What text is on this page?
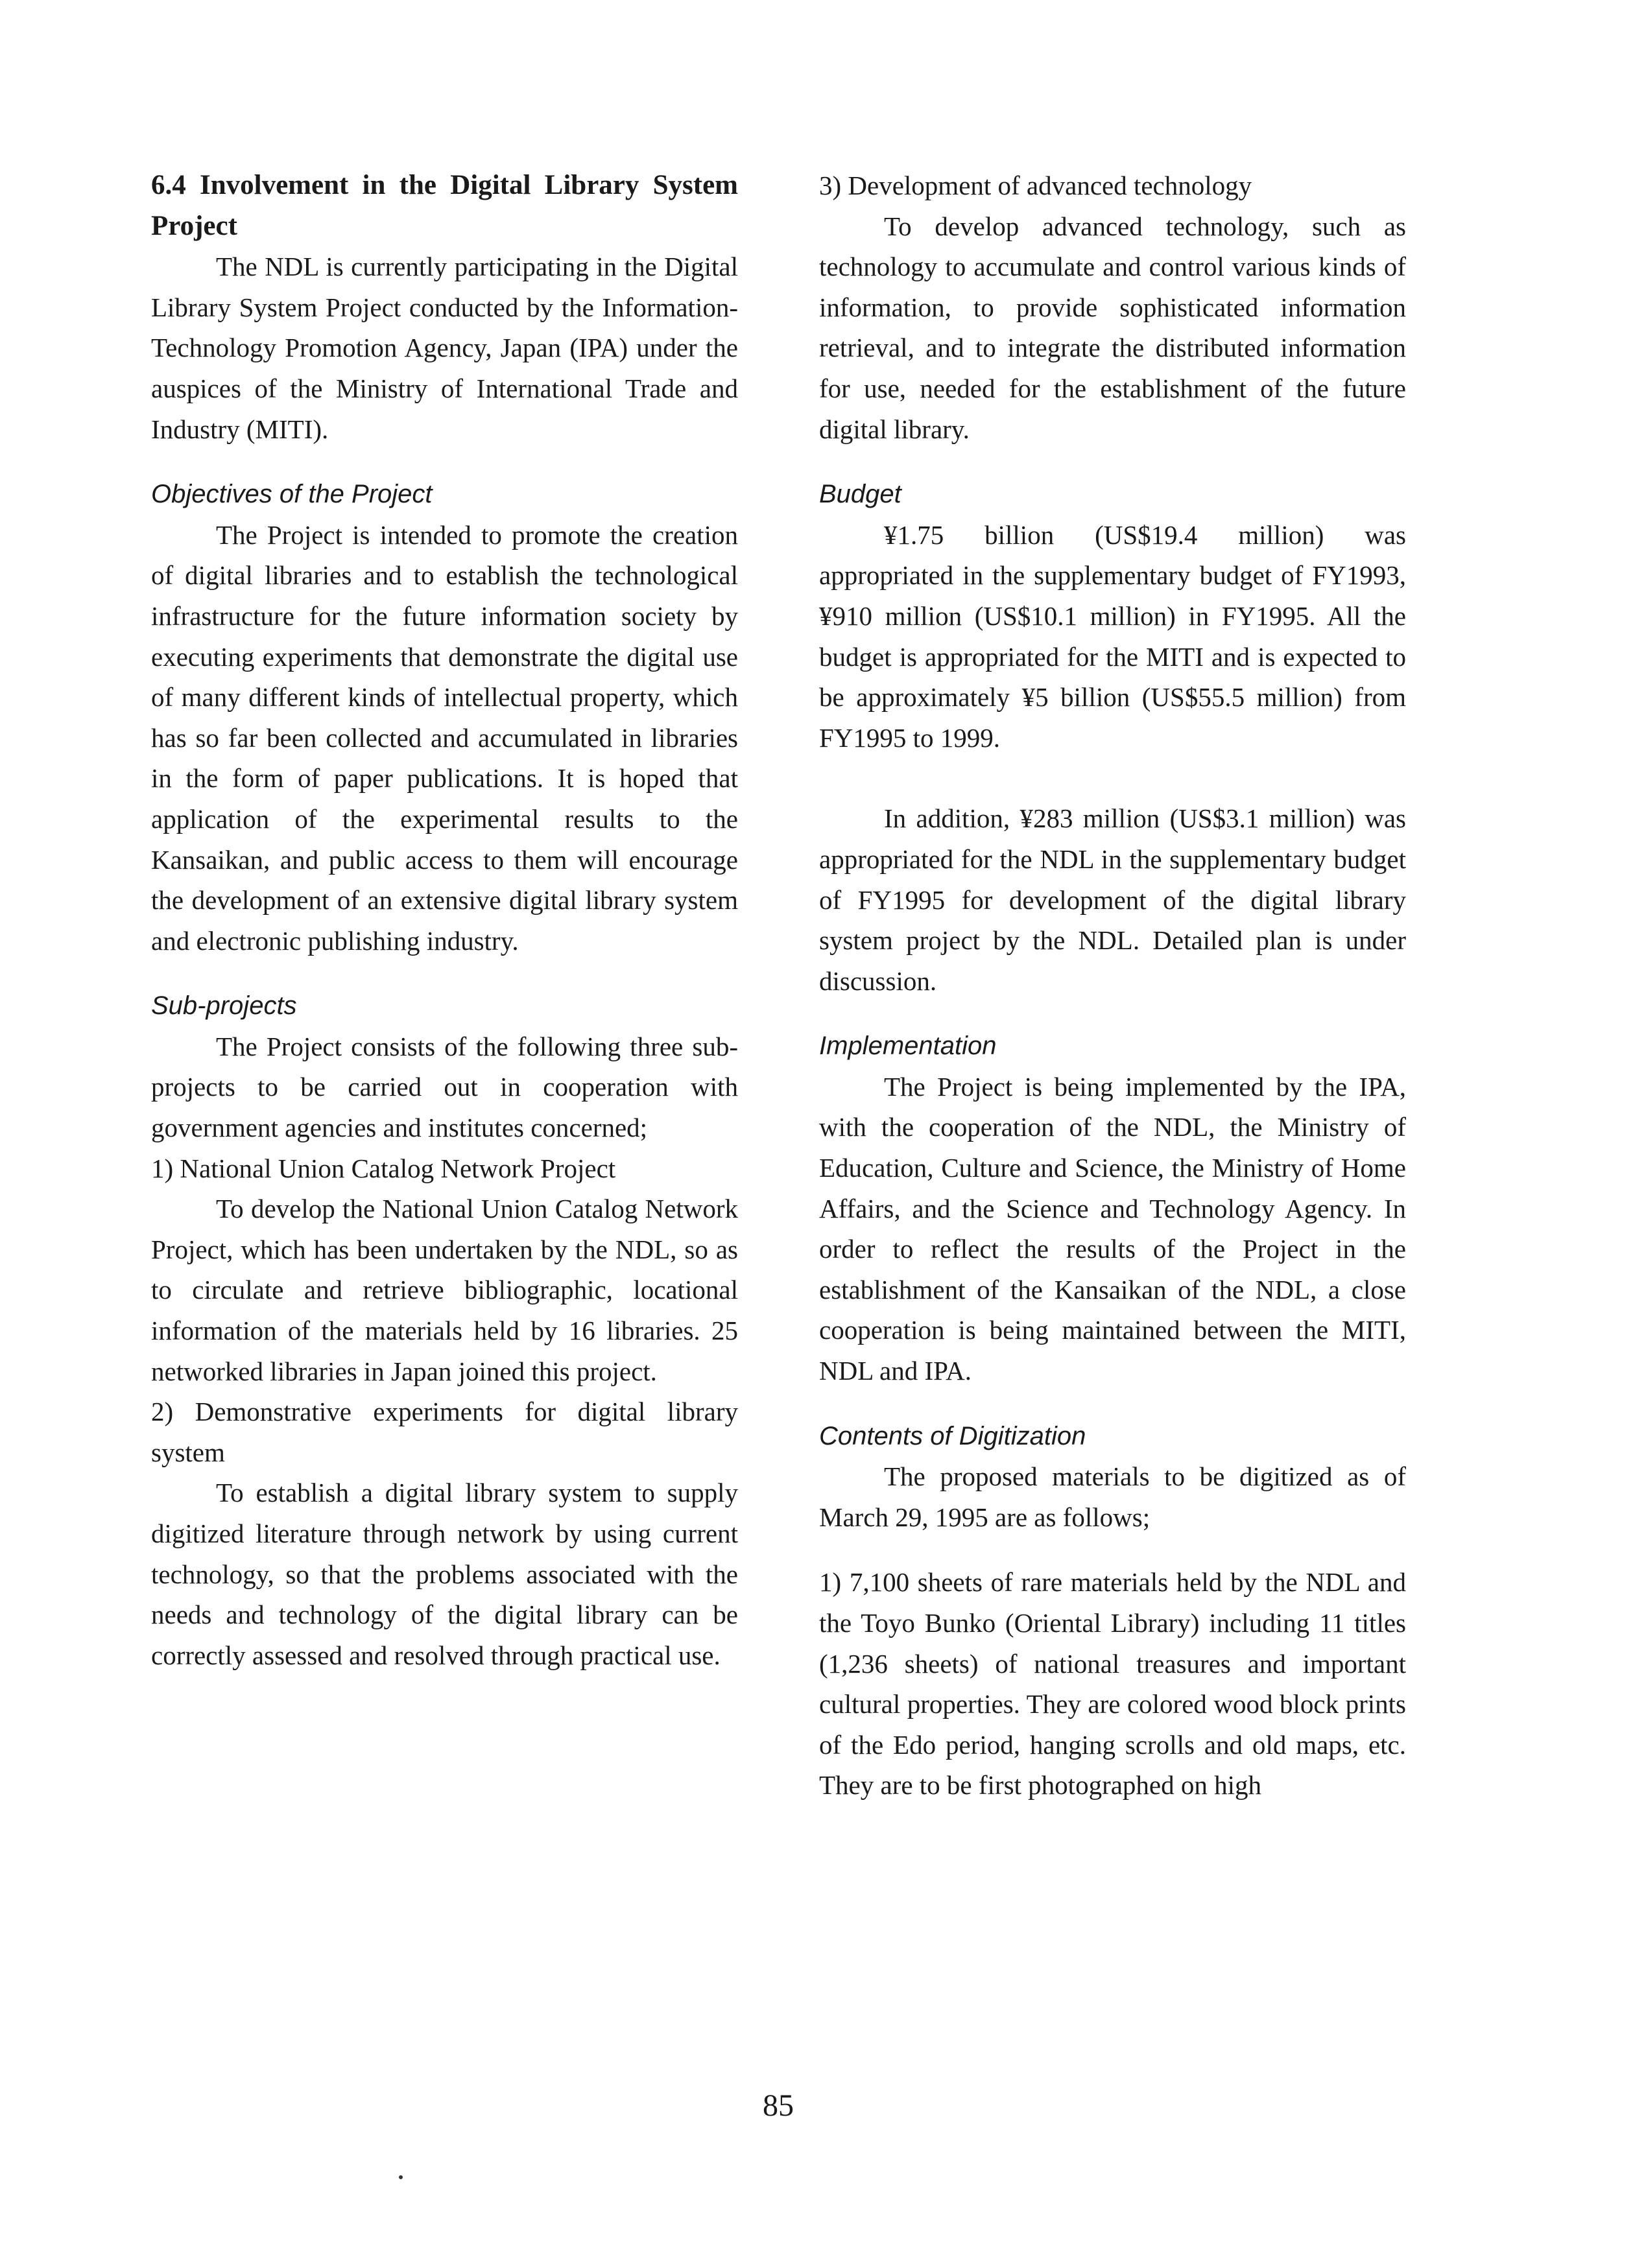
6.4 Involvement in the Digital Library System Project

The NDL is currently participating in the Digital Library System Project conducted by the Information-Technology Promotion Agency, Japan (IPA) under the auspices of the Ministry of International Trade and Industry (MITI).

Objectives of the Project

The Project is intended to promote the creation of digital libraries and to establish the technological infrastructure for the future information society by executing experiments that demonstrate the digital use of many different kinds of intellectual property, which has so far been collected and accumulated in libraries in the form of paper publications. It is hoped that application of the experimental results to the Kansaikan, and public access to them will encourage the development of an extensive digital library system and electronic publishing industry.

Sub-projects

The Project consists of the following three sub-projects to be carried out in cooperation with government agencies and institutes concerned;

1) National Union Catalog Network Project

To develop the National Union Catalog Network Project, which has been undertaken by the NDL, so as to circulate and retrieve bibliographic, locational information of the materials held by 16 libraries. 25 networked libraries in Japan joined this project.

2) Demonstrative experiments for digital library system

To establish a digital library system to supply digitized literature through network by using current technology, so that the problems associated with the needs and technology of the digital library can be correctly assessed and resolved through practical use.

3) Development of advanced technology

To develop advanced technology, such as technology to accumulate and control various kinds of information, to provide sophisticated information retrieval, and to integrate the distributed information for use, needed for the establishment of the future digital library.

Budget

¥1.75 billion (US$19.4 million) was appropriated in the supplementary budget of FY1993, ¥910 million (US$10.1 million) in FY1995. All the budget is appropriated for the MITI and is expected to be approximately ¥5 billion (US$55.5 million) from FY1995 to 1999.

In addition, ¥283 million (US$3.1 million) was appropriated for the NDL in the supplementary budget of FY1995 for development of the digital library system project by the NDL. Detailed plan is under discussion.

Implementation

The Project is being implemented by the IPA, with the cooperation of the NDL, the Ministry of Education, Culture and Science, the Ministry of Home Affairs, and the Science and Technology Agency. In order to reflect the results of the Project in the establishment of the Kansaikan of the NDL, a close cooperation is being maintained between the MITI, NDL and IPA.

Contents of Digitization

The proposed materials to be digitized as of March 29, 1995 are as follows;

1) 7,100 sheets of rare materials held by the NDL and the Toyo Bunko (Oriental Library) including 11 titles (1,236 sheets) of national treasures and important cultural properties. They are colored wood block prints of the Edo period, hanging scrolls and old maps, etc. They are to be first photographed on high

85
